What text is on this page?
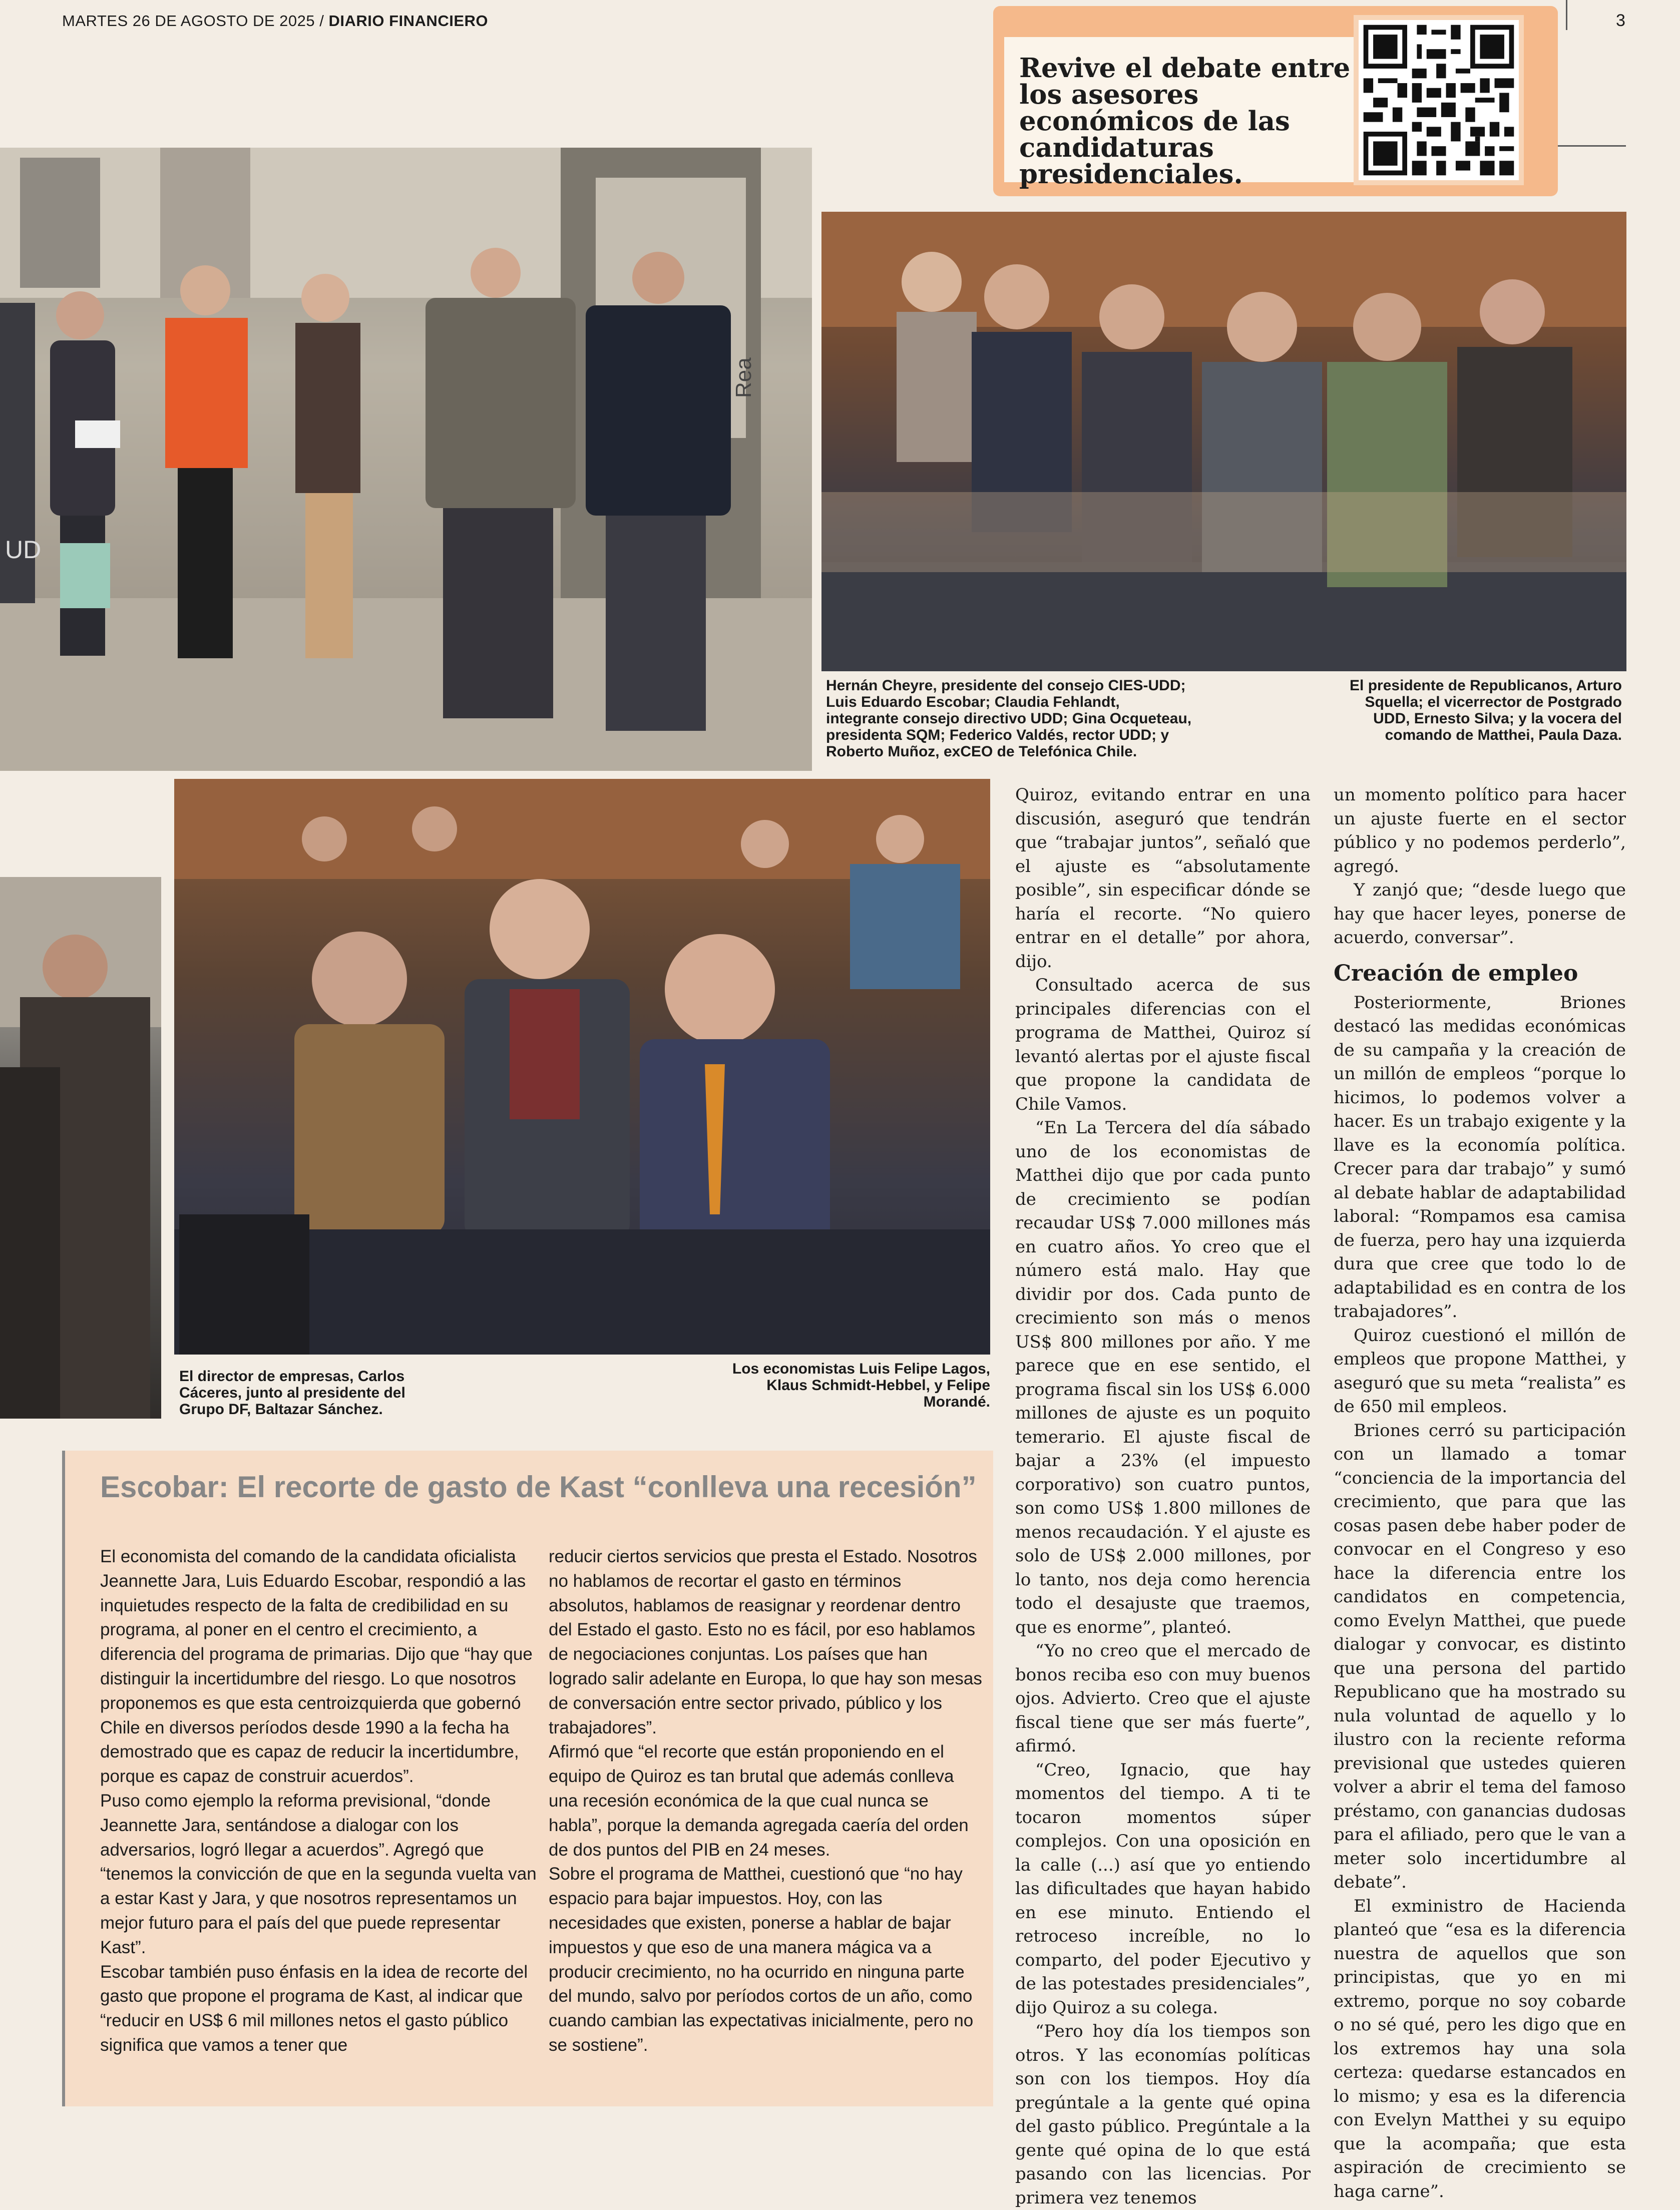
MARTES 26 DE AGOSTO DE 2025 / DIARIO FINANCIERO	3
Revive el debate entre los asesores económicos de las candidaturas presidenciales.
Rea
UD
Hernán Cheyre, presidente del consejo CIES-UDD; Luis Eduardo Escobar; Claudia Fehlandt, integrante consejo directivo UDD; Gina Ocqueteau, presidenta SQM; Federico Valdés, rector UDD; y Roberto Muñoz, exCEO de Telefónica Chile.
El presidente de Republicanos, Arturo Squella; el vicerrector de Postgrado UDD, Ernesto Silva; y la vocera del comando de Matthei, Paula Daza.
El director de empresas, Carlos Cáceres, junto al presidente del Grupo DF, Baltazar Sánchez.
Los economistas Luis Felipe Lagos, Klaus Schmidt-Hebbel, y Felipe Morandé.

Quiroz, evitando entrar en una discusión, aseguró que tendrán que “trabajar juntos”, señaló que el ajuste es “absolutamente posible”, sin especificar dónde se haría el recorte. “No quiero entrar en el detalle” por ahora, dijo.

Consultado acerca de sus principales diferencias con el programa de Matthei, Quiroz sí levantó alertas por el ajuste fiscal que propone la candidata de Chile Vamos.

“En La Tercera del día sábado uno de los economistas de Matthei dijo que por cada punto de crecimiento se podían recaudar US$ 7.000 millones más en cuatro años. Yo creo que el número está malo. Hay que dividir por dos. Cada punto de crecimiento son más o menos US$ 800 millones por año. Y me parece que en ese sentido, el programa fiscal sin los US$ 6.000 millones de ajuste es un poquito temerario. El ajuste fiscal de bajar a 23% (el impuesto corporativo) son cuatro puntos, son como US$ 1.800 millones de menos recaudación. Y el ajuste es solo de US$ 2.000 millones, por lo tanto, nos deja como herencia todo el desajuste que traemos, que es enorme”, planteó.

“Yo no creo que el mercado de bonos reciba eso con muy buenos ojos. Advierto. Creo que el ajuste fiscal tiene que ser más fuerte”, afirmó.

“Creo, Ignacio, que hay momentos del tiempo. A ti te tocaron momentos súper complejos. Con una oposición en la calle (...) así que yo entiendo las dificultades que hayan habido en ese minuto. Entiendo el retroceso increíble, no lo comparto, del poder Ejecutivo y de las potestades presidenciales”, dijo Quiroz a su colega.

“Pero hoy día los tiempos son otros. Y las economías políticas son con los tiempos. Hoy día pregúntale a la gente qué opina del gasto público. Pregúntale a la gente qué opina de lo que está pasando con las licencias. Por primera vez tenemos

un momento político para hacer un ajuste fuerte en el sector público y no podemos perderlo”, agregó.

Y zanjó que; “desde luego que hay que hacer leyes, ponerse de acuerdo, conversar”.

Creación de empleo

Posteriormente, Briones destacó las medidas económicas de su campaña y la creación de un millón de empleos “porque lo hicimos, lo podemos volver a hacer. Es un trabajo exigente y la llave es la economía política. Crecer para dar trabajo” y sumó al debate hablar de adaptabilidad laboral: “Rompamos esa camisa de fuerza, pero hay una izquierda dura que cree que todo lo de adaptabilidad es en contra de los trabajadores”.

Quiroz cuestionó el millón de empleos que propone Matthei, y aseguró que su meta “realista” es de 650 mil empleos.

Briones cerró su participación con un llamado a tomar “conciencia de la importancia del crecimiento, que para que las cosas pasen debe haber poder de convocar en el Congreso y eso hace la diferencia entre los candidatos en competencia, como Evelyn Matthei, que puede dialogar y convocar, es distinto que una persona del partido Republicano que ha mostrado su nula voluntad de aquello y lo ilustro con la reciente reforma previsional que ustedes quieren volver a abrir el tema del famoso préstamo, con ganancias dudosas para el afiliado, pero que le van a meter solo incertidumbre al debate”.

El exministro de Hacienda planteó que “esa es la diferencia nuestra de aquellos que son principistas, que yo en mi extremo, porque no soy cobarde o no sé qué, pero les digo que en los extremos hay una sola certeza: quedarse estancados en lo mismo; y esa es la diferencia con Evelyn Matthei y su equipo que la acompaña; que esta aspiración de crecimiento se haga carne”.

Escobar: El recorte de gasto de Kast “conlleva una recesión”

El economista del comando de la candidata oficialista Jeannette Jara, Luis Eduardo Escobar, respondió a las inquietudes respecto de la falta de credibilidad en su programa, al poner en el centro el crecimiento, a diferencia del programa de primarias. Dijo que “hay que distinguir la incertidumbre del riesgo. Lo que nosotros proponemos es que esta centroizquierda que gobernó Chile en diversos períodos desde 1990 a la fecha ha demostrado que es capaz de reducir la incertidumbre, porque es capaz de construir acuerdos”.

Puso como ejemplo la reforma previsional, “donde Jeannette Jara, sentándose a dialogar con los adversarios, logró llegar a acuerdos”. Agregó que “tenemos la convicción de que en la segunda vuelta van a estar Kast y Jara, y que nosotros representamos un mejor futuro para el país del que puede representar Kast”.

Escobar también puso énfasis en la idea de recorte del gasto que propone el programa de Kast, al indicar que “reducir en US$ 6 mil millones netos el gasto público significa que vamos a tener que

reducir ciertos servicios que presta el Estado. Nosotros no hablamos de recortar el gasto en términos absolutos, hablamos de reasignar y reordenar dentro del Estado el gasto. Esto no es fácil, por eso hablamos de negociaciones conjuntas. Los países que han logrado salir adelante en Europa, lo que hay son mesas de conversación entre sector privado, público y los trabajadores”.

Afirmó que “el recorte que están proponiendo en el equipo de Quiroz es tan brutal que además conlleva una recesión económica de la que cual nunca se habla”, porque la demanda agregada caería del orden de dos puntos del PIB en 24 meses.

Sobre el programa de Matthei, cuestionó que “no hay espacio para bajar impuestos. Hoy, con las necesidades que existen, ponerse a hablar de bajar impuestos y que eso de una manera mágica va a producir crecimiento, no ha ocurrido en ninguna parte del mundo, salvo por períodos cortos de un año, como cuando cambian las expectativas inicialmente, pero no se sostiene”.
